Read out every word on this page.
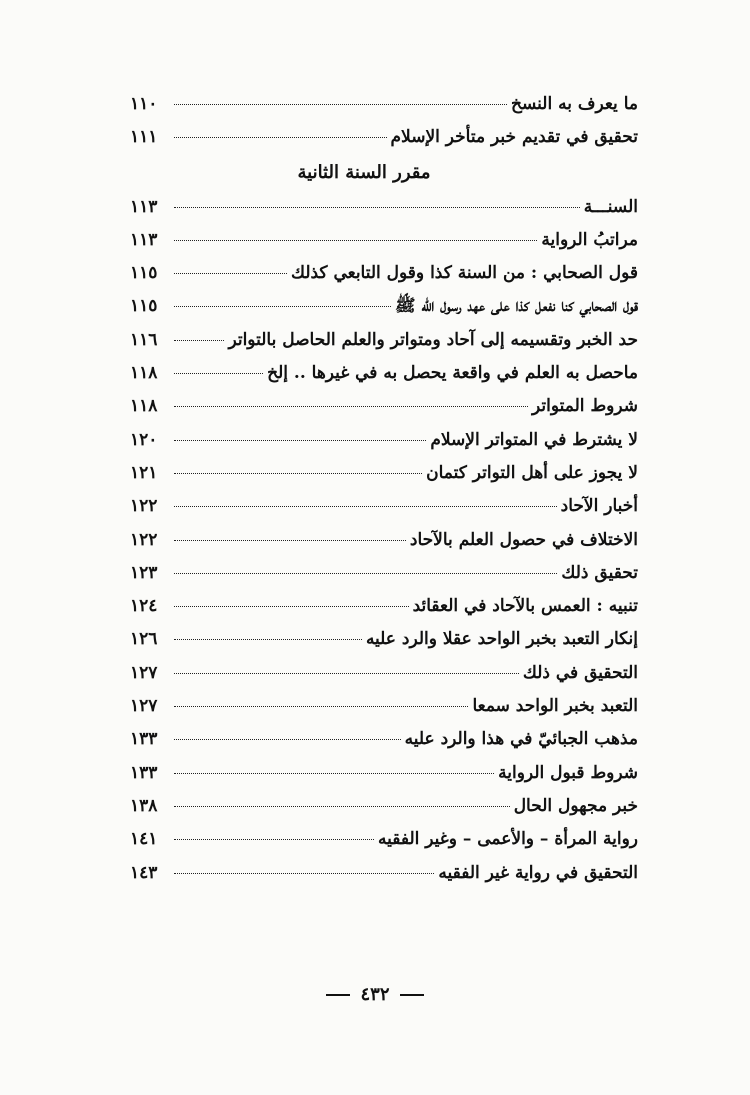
ما يعرف به النسخ
١١٠
تحقيق في تقديم خبر متأخر الإسلام
١١١
مقرر السنة الثانية
السنـــة
١١٣
مراتبُ الرواية
١١٣
قول الصحابي : من السنة كذا وقول التابعي كذلك
١١٥
قول الصحابي كنا نفعل كذا على عهد رسول الله ﷺ
١١٥
حد الخبر وتقسيمه إلى آحاد ومتواتر والعلم الحاصل بالتواتر
١١٦
ماحصل به العلم في واقعة يحصل به في غيرها .. إلخ
١١٨
شروط المتواتر
١١٨
لا يشترط في المتواتر الإسلام
١٢٠
لا يجوز على أهل التواتر كتمان
١٢١
أخبار الآحاد
١٢٢
الاختلاف في حصول العلم بالآحاد
١٢٢
تحقيق ذلك
١٢٣
تنبيه : العمس بالآحاد في العقائد
١٢٤
إنكار التعبد بخبر الواحد عقلا والرد عليه
١٢٦
التحقيق في ذلك
١٢٧
التعبد بخبر الواحد سمعا
١٢٧
مذهب الجبائيّ في هذا والرد عليه
١٣٣
شروط قبول الرواية
١٣٣
خبر مجهول الحال
١٣٨
رواية المرأة – والأعمى – وغير الفقيه
١٤١
التحقيق في رواية غير الفقيه
١٤٣
٤٣٢
